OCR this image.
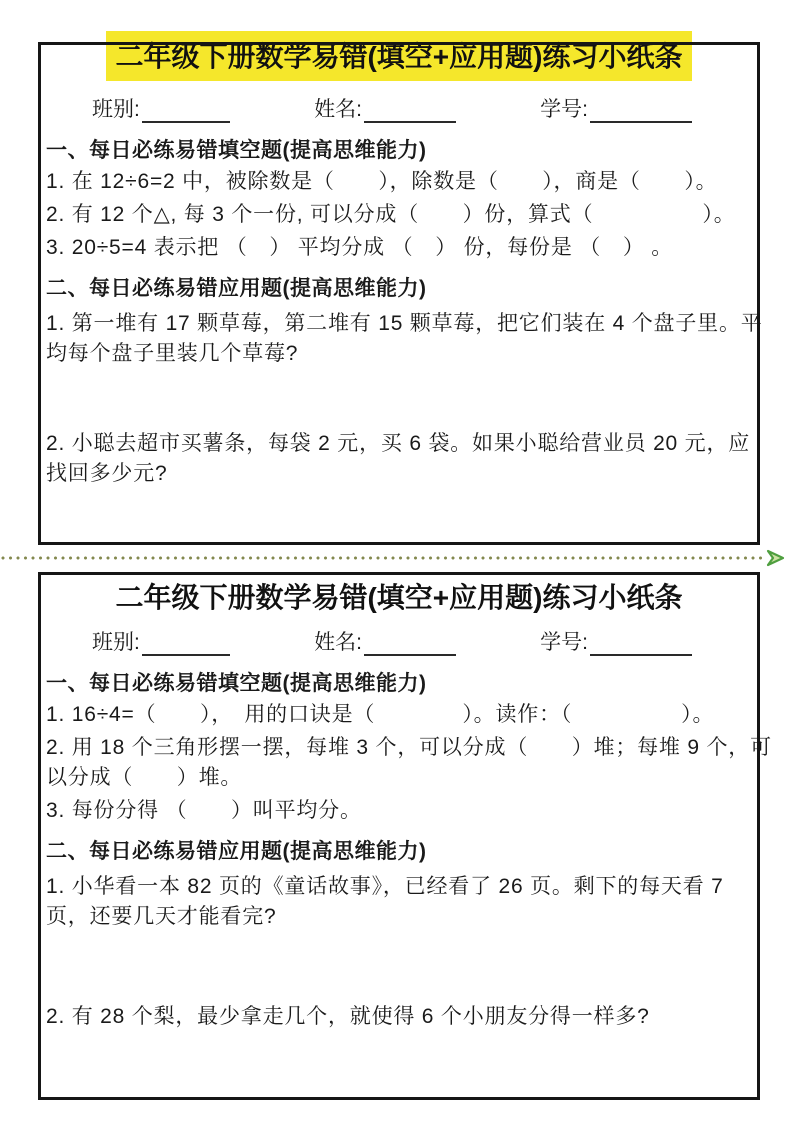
二年级下册数学易错(填空+应用题)练习小纸条
班别:	姓名:	学号:
一、每日必练易错填空题(提高思维能力)
1. 在 12÷6=2 中，被除数是（　　），除数是（　　），商是（　　）。
2. 有 12 个△, 每 3 个一份, 可以分成（　　）份，算式（　　　　　）。
3. 20÷5=4 表示把 （　） 平均分成 （　） 份，每份是 （　） 。
二、每日必练易错应用题(提高思维能力)
1. 第一堆有 17 颗草莓，第二堆有 15 颗草莓，把它们装在 4 个盘子里。平
均每个盘子里装几个草莓?
2. 小聪去超市买薯条，每袋 2 元，买 6 袋。如果小聪给营业员 20 元，应
找回多少元?
二年级下册数学易错(填空+应用题)练习小纸条
班别:	姓名:	学号:
一、每日必练易错填空题(提高思维能力)
1. 16÷4=（　　），　用的口诀是（　　　　）。读作：（　　　　　）。
2. 用 18 个三角形摆一摆，每堆 3 个，可以分成（　　）堆；每堆 9 个，可
以分成（　　）堆。
3. 每份分得 （　　）叫平均分。
二、每日必练易错应用题(提高思维能力)
1. 小华看一本 82 页的《童话故事》，已经看了 26 页。剩下的每天看 7
页，还要几天才能看完?
2. 有 28 个梨，最少拿走几个，就使得 6 个小朋友分得一样多?
